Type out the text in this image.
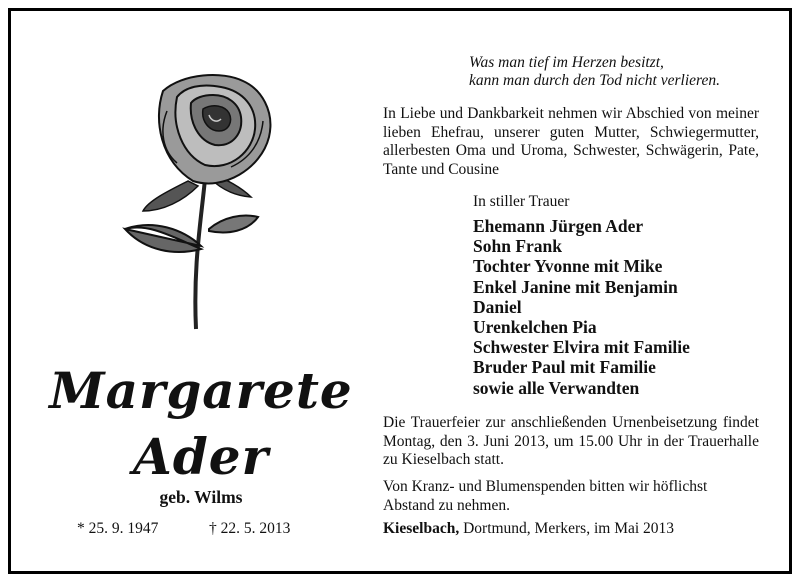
Was man tief im Herzen besitzt,
kann man durch den Tod nicht verlieren.
In Liebe und Dankbarkeit nehmen wir Abschied von meiner lieben Ehefrau, unserer guten Mutter, Schwiegermutter, allerbesten Oma und Uroma, Schwester, Schwägerin, Pate, Tante und Cousine
In stiller Trauer
Ehemann Jürgen Ader
Sohn Frank
Tochter Yvonne mit Mike
Enkel Janine mit Benjamin
Daniel
Urenkelchen Pia
Schwester Elvira mit Familie
Bruder Paul mit Familie
sowie alle Verwandten
Die Trauerfeier zur anschließenden Urnenbeisetzung findet Montag, den 3. Juni 2013, um 15.00 Uhr in der Trauerhalle zu Kieselbach statt.
Von Kranz- und Blumenspenden bitten wir höflichst Abstand zu nehmen.
Kieselbach, Dortmund, Merkers, im Mai 2013
Margarete
Ader
geb. Wilms
* 25. 9. 1947	† 22. 5. 2013
